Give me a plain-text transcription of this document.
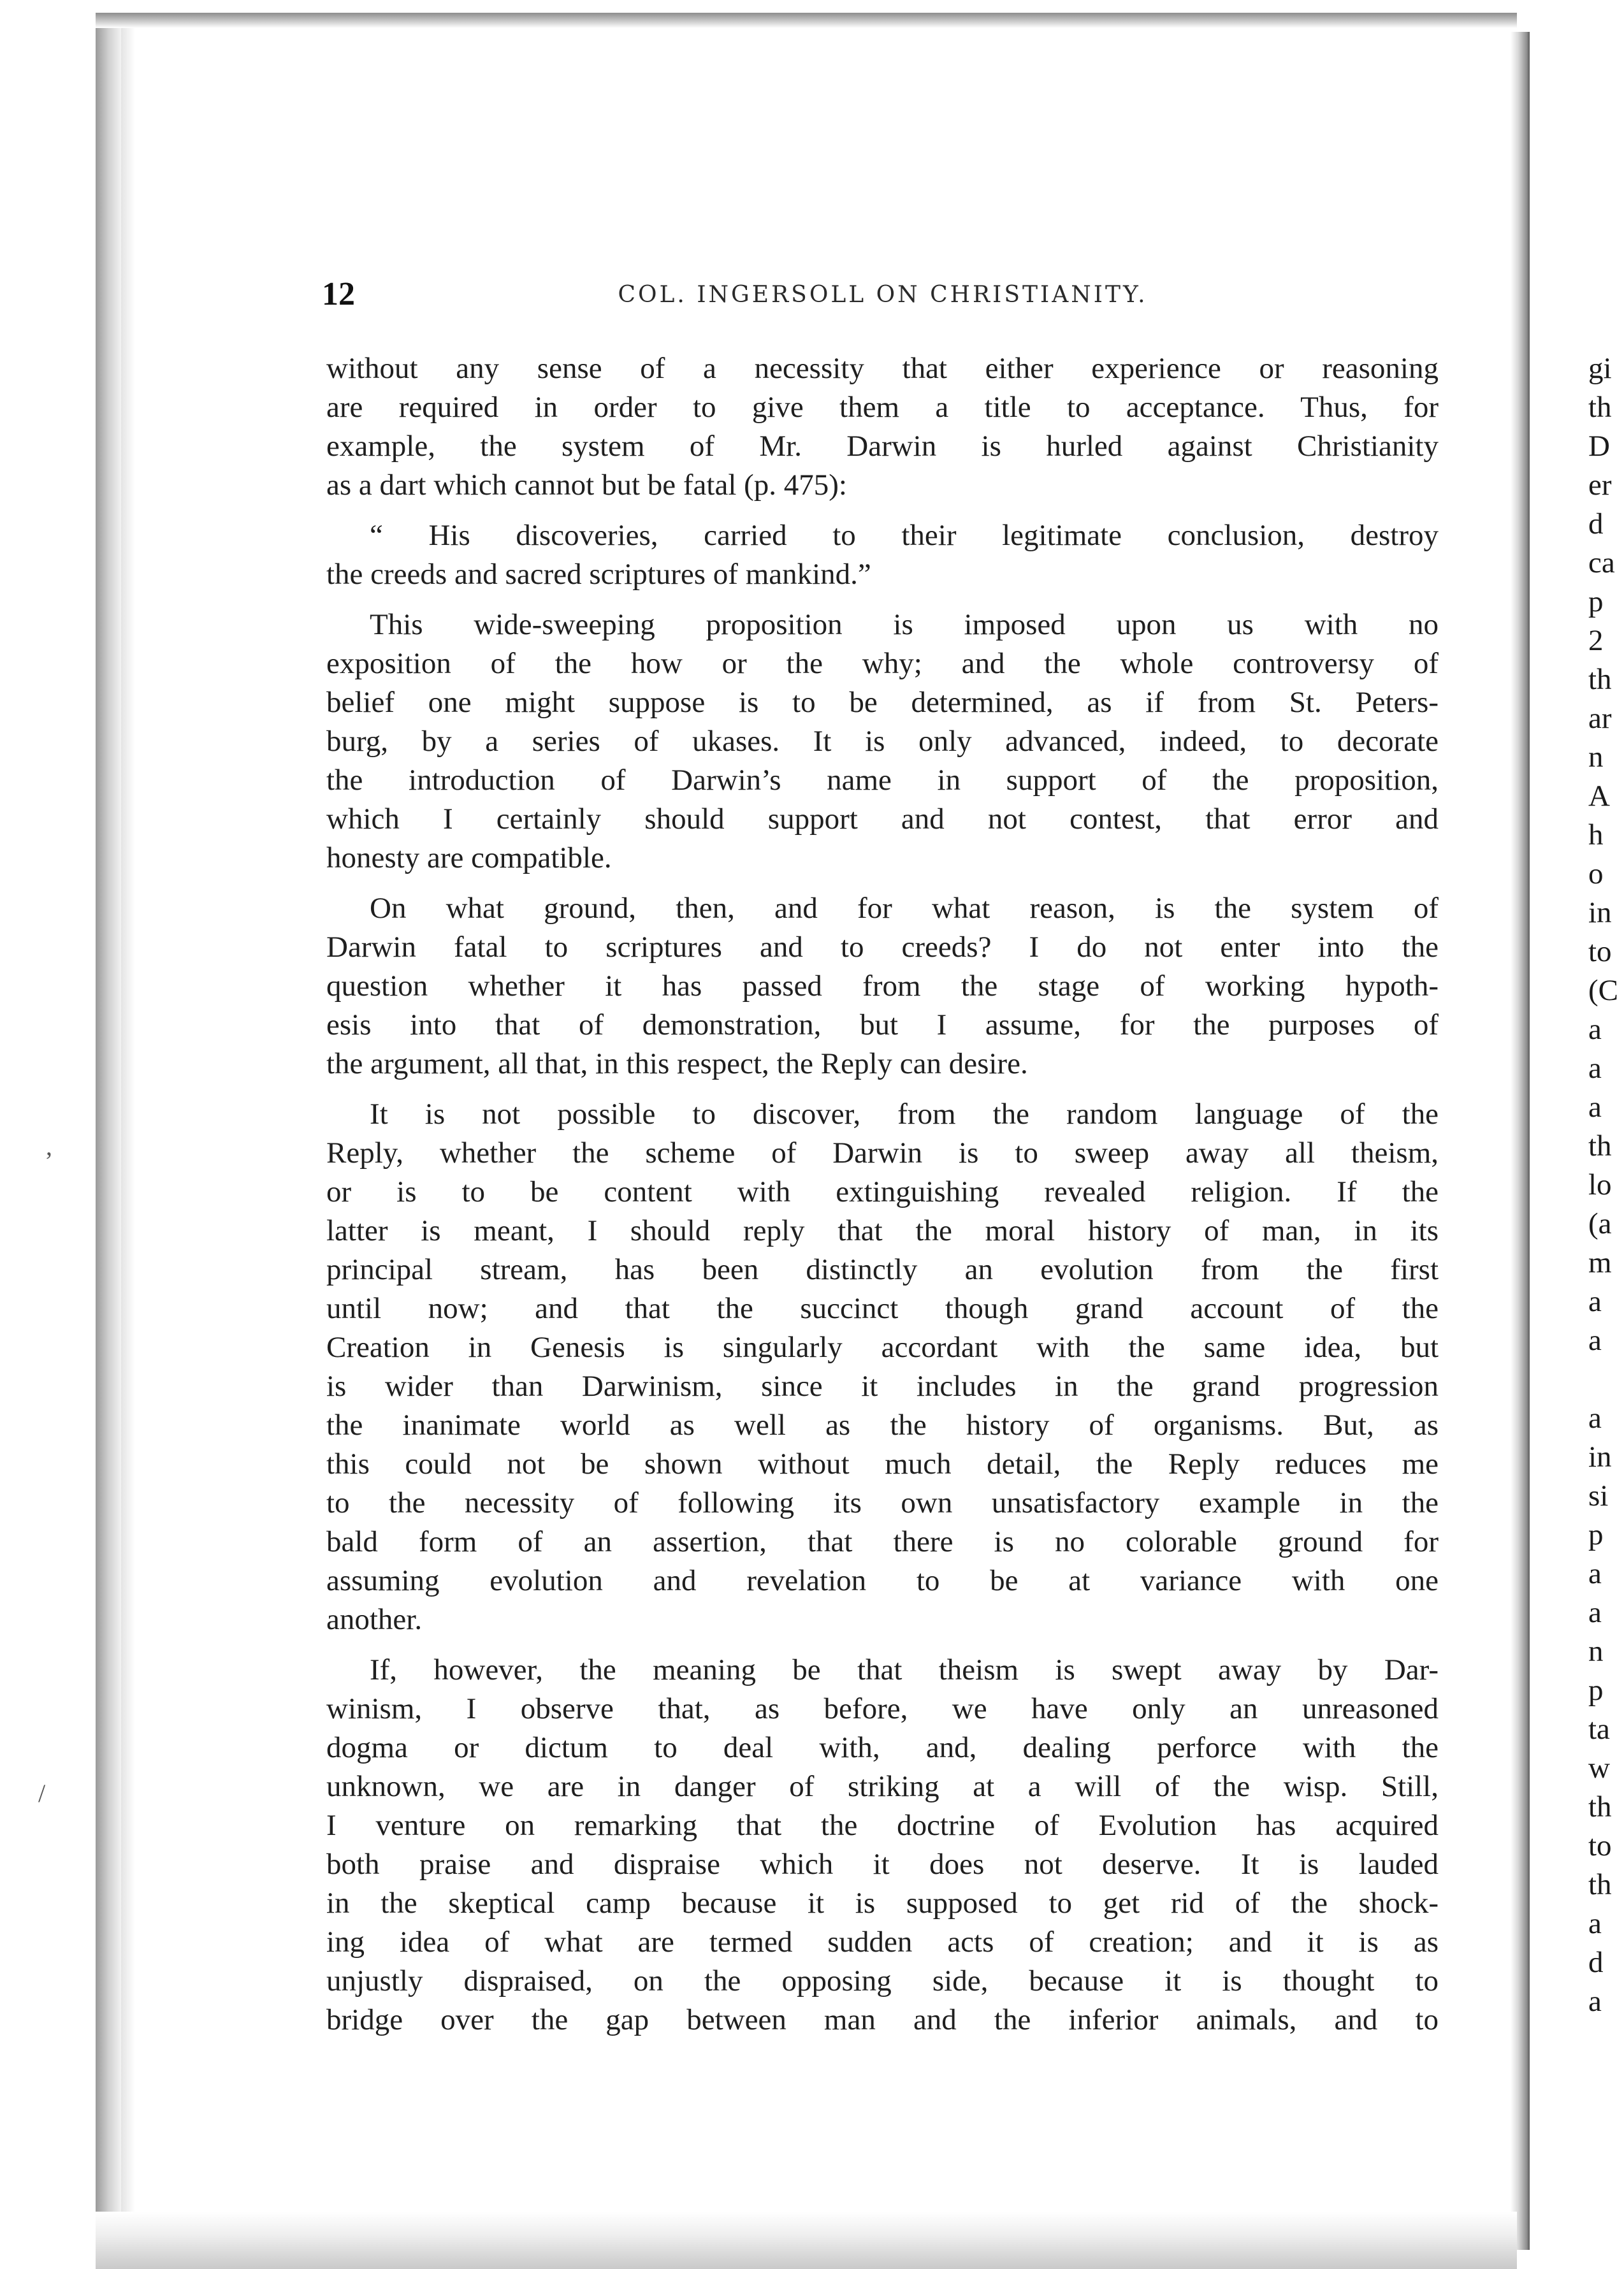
‚
/
12	COL. INGERSOLL ON CHRISTIANITY.
without any sense of a necessity that either experience or reasoning
are required in order to give them a title to acceptance. Thus, for
example, the system of Mr. Darwin is hurled against Christianity
as a dart which cannot but be fatal (p. 475):
“ His discoveries, carried to their legitimate conclusion, destroy
the creeds and sacred scriptures of mankind.”
This wide-sweeping proposition is imposed upon us with no
exposition of the how or the why; and the whole controversy of
belief one might suppose is to be determined, as if from St. Peters-
burg, by a series of ukases. It is only advanced, indeed, to decorate
the introduction of Darwin’s name in support of the proposition,
which I certainly should support and not contest, that error and
honesty are compatible.
On what ground, then, and for what reason, is the system of
Darwin fatal to scriptures and to creeds? I do not enter into the
question whether it has passed from the stage of working hypoth-
esis into that of demonstration, but I assume, for the purposes of
the argument, all that, in this respect, the Reply can desire.
It is not possible to discover, from the random language of the
Reply, whether the scheme of Darwin is to sweep away all theism,
or is to be content with extinguishing revealed religion. If the
latter is meant, I should reply that the moral history of man, in its
principal stream, has been distinctly an evolution from the first
until now; and that the succinct though grand account of the
Creation in Genesis is singularly accordant with the same idea, but
is wider than Darwinism, since it includes in the grand progression
the inanimate world as well as the history of organisms. But, as
this could not be shown without much detail, the Reply reduces me
to the necessity of following its own unsatisfactory example in the
bald form of an assertion, that there is no colorable ground for
assuming evolution and revelation to be at variance with one
another.
If, however, the meaning be that theism is swept away by Dar-
winism, I observe that, as before, we have only an unreasoned
dogma or dictum to deal with, and, dealing perforce with the
unknown, we are in danger of striking at a will of the wisp. Still,
I venture on remarking that the doctrine of Evolution has acquired
both praise and dispraise which it does not deserve. It is lauded
in the skeptical camp because it is supposed to get rid of the shock-
ing idea of what are termed sudden acts of creation; and it is as
unjustly dispraised, on the opposing side, because it is thought to
bridge over the gap between man and the inferior animals, and to
gi
th
D
er
d
ca
p
2
th
ar
n
A
h
o
in
to
(C
a
a
a
th
lo
(a
m
a
a
a
in
si
p
a
a
n
p
ta
w
th
to
th
a
d
a
